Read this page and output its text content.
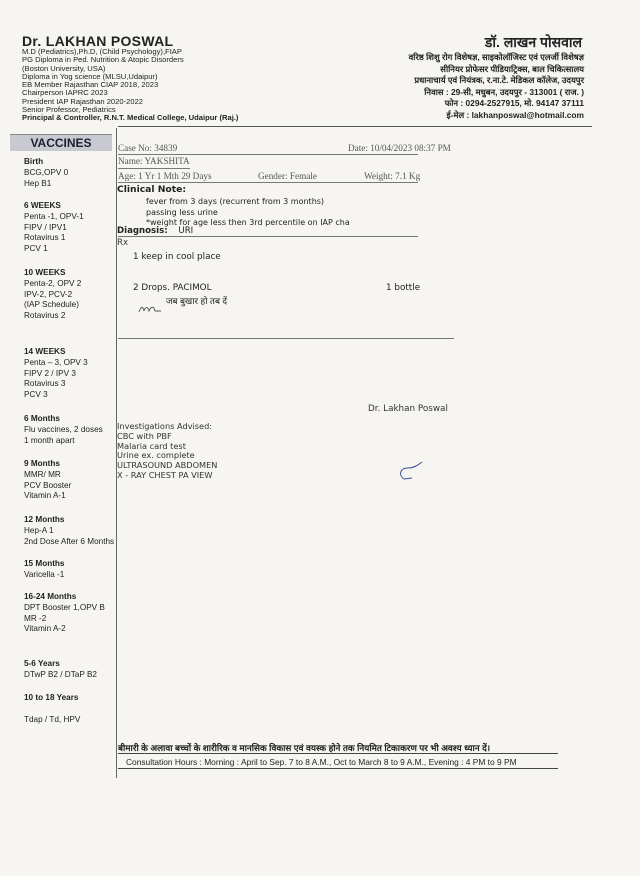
Dr. LAKHAN POSWAL
M.D (Pediatrics),Ph.D, (Child Psychology),FIAP
PG Diploma in Ped. Nutrition & Atopic Disorders
(Boston University, USA)
Diploma in Yog science (MLSU,Udaipur)
EB Member Rajasthan CIAP 2018, 2023
Chairperson IAPRC 2023
President IAP Rajasthan 2020-2022
Senior Professor, Pediatrics
Principal & Controller, R.N.T. Medical College, Udaipur (Raj.)
डॉ. लाखन पोसवाल
वरिष्ठ शिशु रोग विशेषज्ञ, साइकोलॉजिस्ट एवं एलर्जी विशेषज्ञ
सीनियर प्रोफेसर पीडियाट्रिक्स, बाल चिकित्सालय
प्रधानाचार्य एवं नियंत्रक, र.ना.टे. मेडिकल कॉलेज, उदयपुर
निवास : 29-सी, मधुबन, उदयपुर - 313001 ( राज. )
फोन : 0294-2527915, मो. 94147 37111
ई-मेल : lakhanposwal@hotmail.com
VACCINES
Birth
BCG,OPV 0
Hep B1
6 WEEKS
Penta -1, OPV-1
FIPV / IPV1
Rotavirus 1
PCV 1
10 WEEKS
Penta-2, OPV 2
IPV-2, PCV-2
(IAP Schedule)
Rotavirus 2
14 WEEKS
Penta – 3, OPV 3
FIPV 2 / IPV 3
Rotavirus 3
PCV 3
6 Months
Flu vaccines, 2 doses
1 month apart
9 Months
MMR/ MR
PCV Booster
Vitamin A-1
12 Months
Hep-A 1
2nd Dose After 6 Months
15 Months
Varicella -1
16-24 Months
DPT Booster 1,OPV B
MR -2
Vitamin A-2
5-6 Years
DTwP B2 / DTaP B2
10 to 18 Years
Tdap / Td, HPV
Case No: 34839	Date: 10/04/2023 08:37 PM
Name: YAKSHITA
Age: 1 Yr 1 Mth 29 Days	Gender: Female	Weight: 7.1 Kg
Clinical Note:
fever from 3 days (recurrent from 3 months)
passing less urine
*weight for age less then 3rd percentile on IAP cha
Diagnosis: URI
Rx
1 keep in cool place
2 Drops. PACIMOL	1 bottle
जब बुखार हो तब दें
Dr. Lakhan Poswal
Investigations Advised:
CBC with PBF
Malaria card test
Urine ex. complete
ULTRASOUND ABDOMEN
X - RAY CHEST PA VIEW
बीमारी के अलावा बच्चों के शारीरिक व मानसिक विकास एवं वयस्क होने तक नियमित टिकाकरण पर भी अवश्य ध्यान दें।
Consultation Hours : Morning : April to Sep. 7 to 8 A.M., Oct to March 8 to 9 A.M., Evening : 4 PM to 9 PM
